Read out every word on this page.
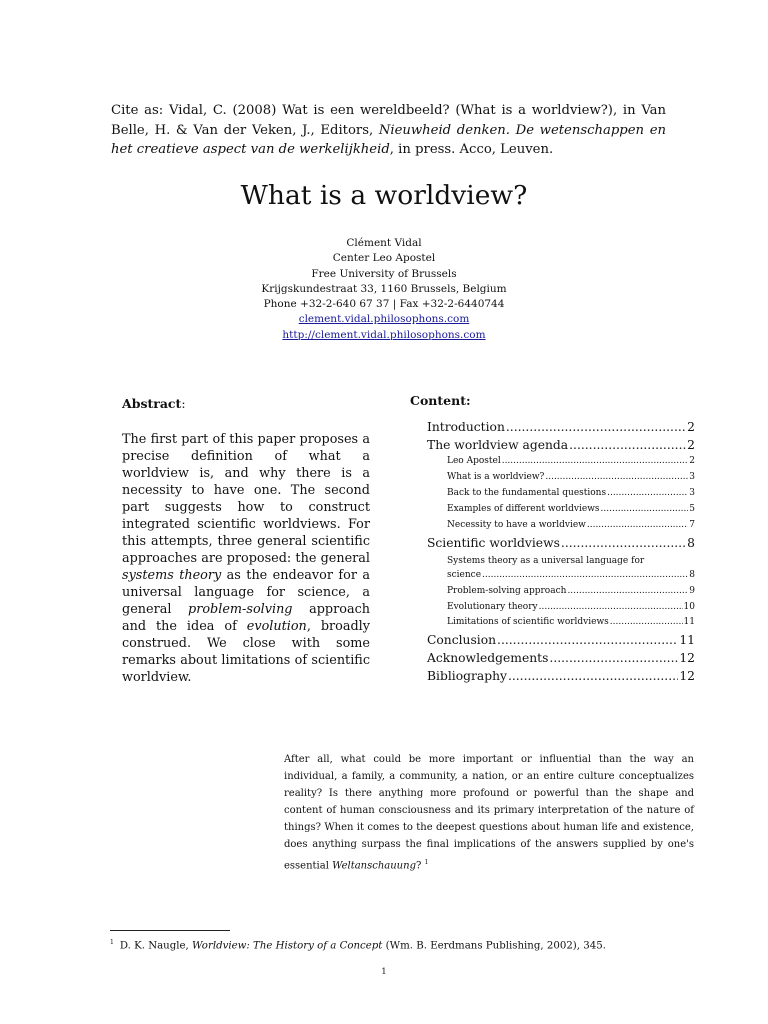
Cite as: Vidal, C. (2008) Wat is een wereldbeeld? (What is a worldview?), in Van Belle, H. & Van der Veken, J., Editors, Nieuwheid denken. De wetenschappen en het creatieve aspect van de werkelijkheid, in press. Acco, Leuven.
What is a worldview?
Clément Vidal
Center Leo Apostel
Free University of Brussels
Krijgskundestraat 33, 1160 Brussels, Belgium
Phone +32-2-640 67 37 | Fax +32-2-6440744
clement.vidal.philosophons.com
http://clement.vidal.philosophons.com
Abstract:
The first part of this paper proposes a precise definition of what a worldview is, and why there is a necessity to have one. The second part suggests how to construct integrated scientific worldviews. For this attempts, three general scientific approaches are proposed: the general systems theory as the endeavor for a universal language for science, a general problem-solving approach and the idea of evolution, broadly construed. We close with some remarks about limitations of scientific worldview.
Content:
Introduction .....	2
The worldview agenda .....	2
Leo Apostel .....	2
What is a worldview? .....	3
Back to the fundamental questions .....	3
Examples of different worldviews .....	5
Necessity to have a worldview .....	7
Scientific worldviews .....	8
Systems theory as a universal language for
science .....	8
Problem-solving approach .....	9
Evolutionary theory .....	10
Limitations of scientific worldviews .....	11
Conclusion .....	11
Acknowledgements .....	12
Bibliography .....	12
After all, what could be more important or influential than the way an individual, a family, a community, a nation, or an entire culture conceptualizes reality? Is there anything more profound or powerful than the shape and content of human consciousness and its primary interpretation of the nature of things? When it comes to the deepest questions about human life and existence, does anything surpass the final implications of the answers supplied by one's essential Weltanschauung? $^1$
$^1$ D. K. Naugle, Worldview: The History of a Concept (Wm. B. Eerdmans Publishing, 2002), 345.
1
